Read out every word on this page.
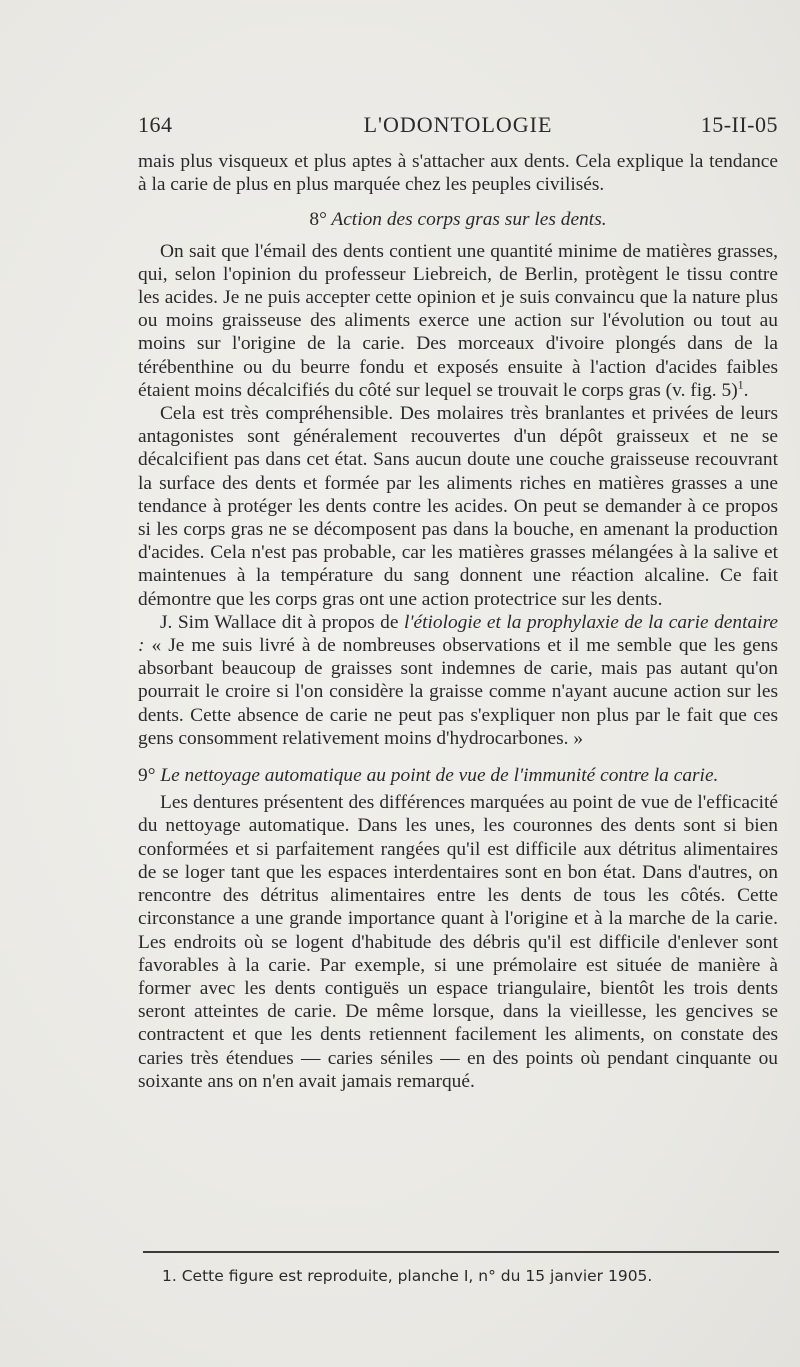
164	L'ODONTOLOGIE	15-II-05

mais plus visqueux et plus aptes à s'attacher aux dents. Cela explique la tendance à la carie de plus en plus marquée chez les peuples civilisés.

8° Action des corps gras sur les dents.

On sait que l'émail des dents contient une quantité minime de matières grasses, qui, selon l'opinion du professeur Liebreich, de Berlin, protègent le tissu contre les acides. Je ne puis accepter cette opinion et je suis convaincu que la nature plus ou moins graisseuse des aliments exerce une action sur l'évolution ou tout au moins sur l'origine de la carie. Des morceaux d'ivoire plongés dans de la térébenthine ou du beurre fondu et exposés ensuite à l'action d'acides faibles étaient moins décalcifiés du côté sur lequel se trouvait le corps gras (v. fig. 5)$^1$.

Cela est très compréhensible. Des molaires très branlantes et privées de leurs antagonistes sont généralement recouvertes d'un dépôt graisseux et ne se décalcifient pas dans cet état. Sans aucun doute une couche graisseuse recouvrant la surface des dents et formée par les aliments riches en matières grasses a une tendance à protéger les dents contre les acides. On peut se demander à ce propos si les corps gras ne se décomposent pas dans la bouche, en amenant la production d'acides. Cela n'est pas probable, car les matières grasses mélangées à la salive et maintenues à la température du sang donnent une réaction alcaline. Ce fait démontre que les corps gras ont une action protectrice sur les dents.

J. Sim Wallace dit à propos de l'étiologie et la prophylaxie de la carie dentaire : « Je me suis livré à de nombreuses observations et il me semble que les gens absorbant beaucoup de graisses sont indemnes de carie, mais pas autant qu'on pourrait le croire si l'on considère la graisse comme n'ayant aucune action sur les dents. Cette absence de carie ne peut pas s'expliquer non plus par le fait que ces gens consomment relativement moins d'hydrocarbones. »

9° Le nettoyage automatique au point de vue de l'immunité contre la carie.

Les dentures présentent des différences marquées au point de vue de l'efficacité du nettoyage automatique. Dans les unes, les couronnes des dents sont si bien conformées et si parfaitement rangées qu'il est difficile aux détritus alimentaires de se loger tant que les espaces interdentaires sont en bon état. Dans d'autres, on rencontre des détritus alimentaires entre les dents de tous les côtés. Cette circonstance a une grande importance quant à l'origine et à la marche de la carie. Les endroits où se logent d'habitude des débris qu'il est difficile d'enlever sont favorables à la carie. Par exemple, si une prémolaire est située de manière à former avec les dents contiguës un espace triangulaire, bientôt les trois dents seront atteintes de carie. De même lorsque, dans la vieillesse, les gencives se contractent et que les dents retiennent facilement les aliments, on constate des caries très étendues — caries séniles — en des points où pendant cinquante ou soixante ans on n'en avait jamais remarqué.

1. Cette figure est reproduite, planche I, n° du 15 janvier 1905.
